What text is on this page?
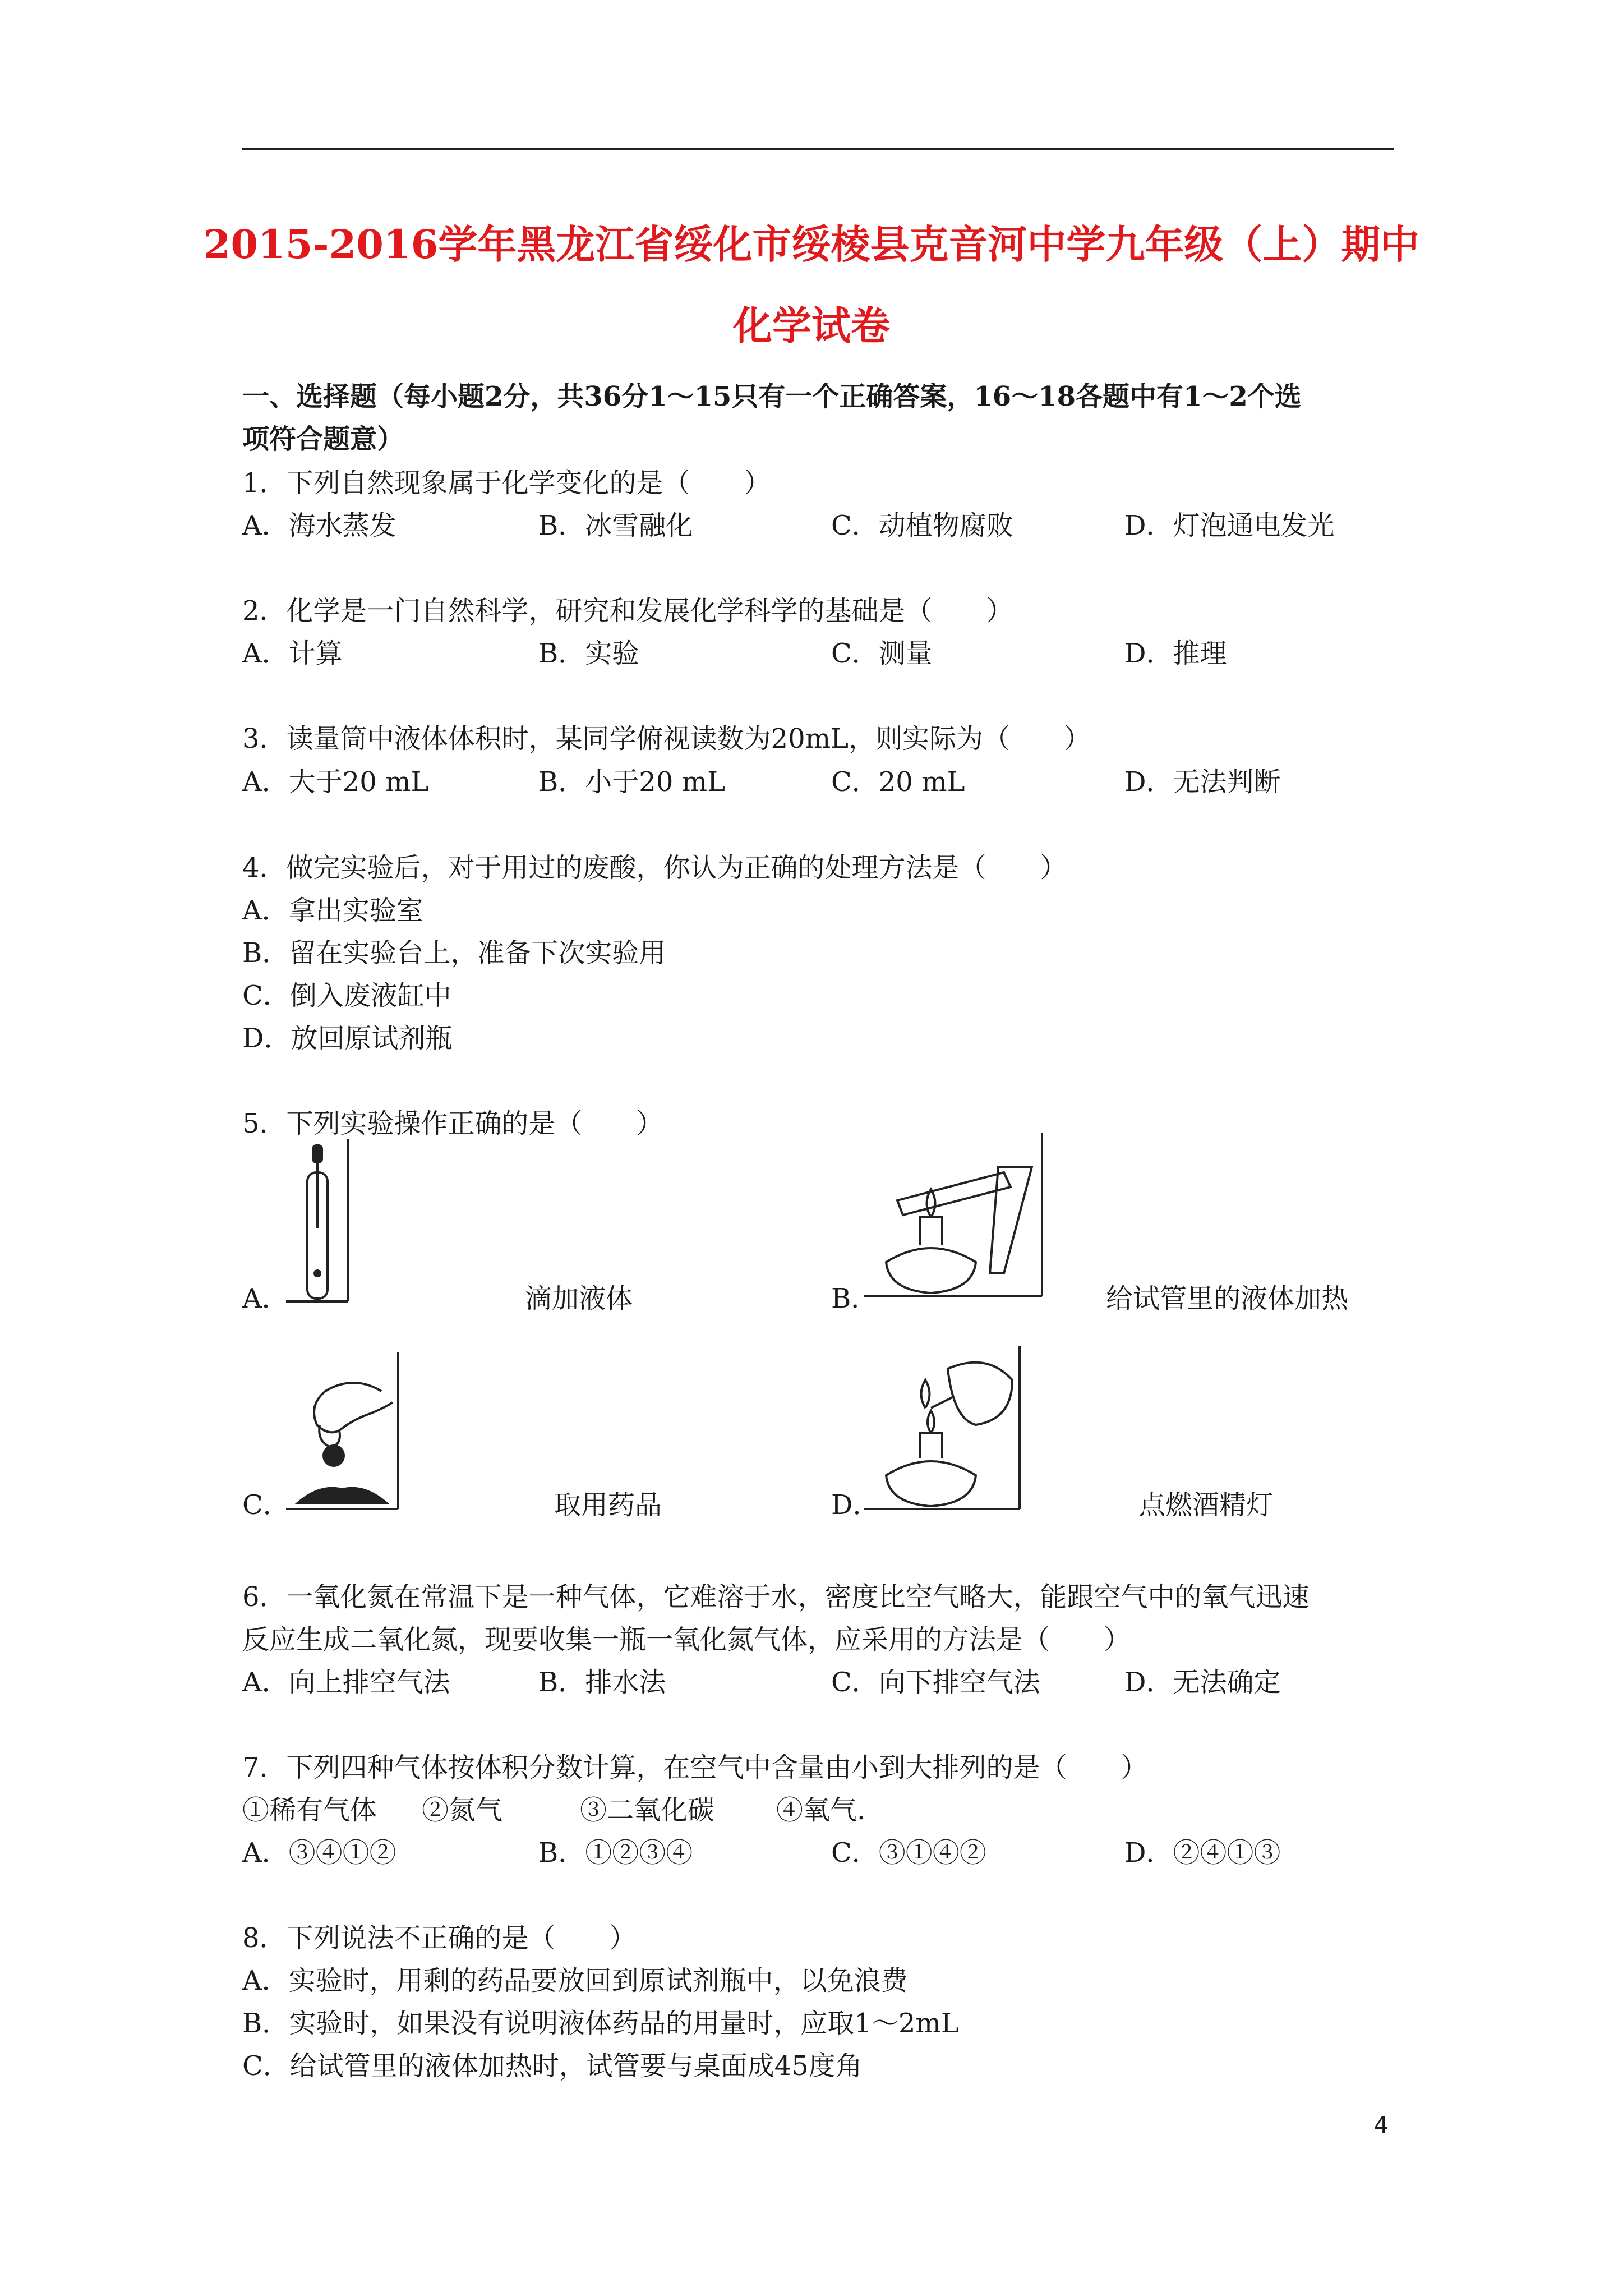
2015-2016学年黑龙江省绥化市绥棱县克音河中学九年级（上）期中
化学试卷
一、选择题（每小题2分，共36分1～15只有一个正确答案，16～18各题中有1～2个选
项符合题意）
1．下列自然现象属于化学变化的是（　　）
A．海水蒸发	B．冰雪融化	C．动植物腐败	D．灯泡通电发光
2．化学是一门自然科学，研究和发展化学科学的基础是（　　）
A．计算	B．实验	C．测量	D．推理
3．读量筒中液体体积时，某同学俯视读数为20mL，则实际为（　　）
A．大于20 mL	B．小于20 mL	C．20 mL	D．无法判断
4．做完实验后，对于用过的废酸，你认为正确的处理方法是（　　）
A．拿出实验室
B．留在实验台上，准备下次实验用
C．倒入废液缸中
D．放回原试剂瓶
5．下列实验操作正确的是（　　）
A．	滴加液体	B．	给试管里的液体加热
C．	取用药品	D．	点燃酒精灯
6．一氧化氮在常温下是一种气体，它难溶于水，密度比空气略大，能跟空气中的氧气迅速
反应生成二氧化氮，现要收集一瓶一氧化氮气体，应采用的方法是（　　）
A．向上排空气法	B．排水法	C．向下排空气法	D．无法确定
7．下列四种气体按体积分数计算，在空气中含量由小到大排列的是（　　）
①稀有气体 ②氮气	③二氧化碳 ④氧气.
A．③④①②	B．①②③④	C．③①④②	D．②④①③
8．下列说法不正确的是（　　）
A．实验时，用剩的药品要放回到原试剂瓶中，以免浪费
B．实验时，如果没有说明液体药品的用量时，应取1～2mL
C．给试管里的液体加热时，试管要与桌面成45度角
4
